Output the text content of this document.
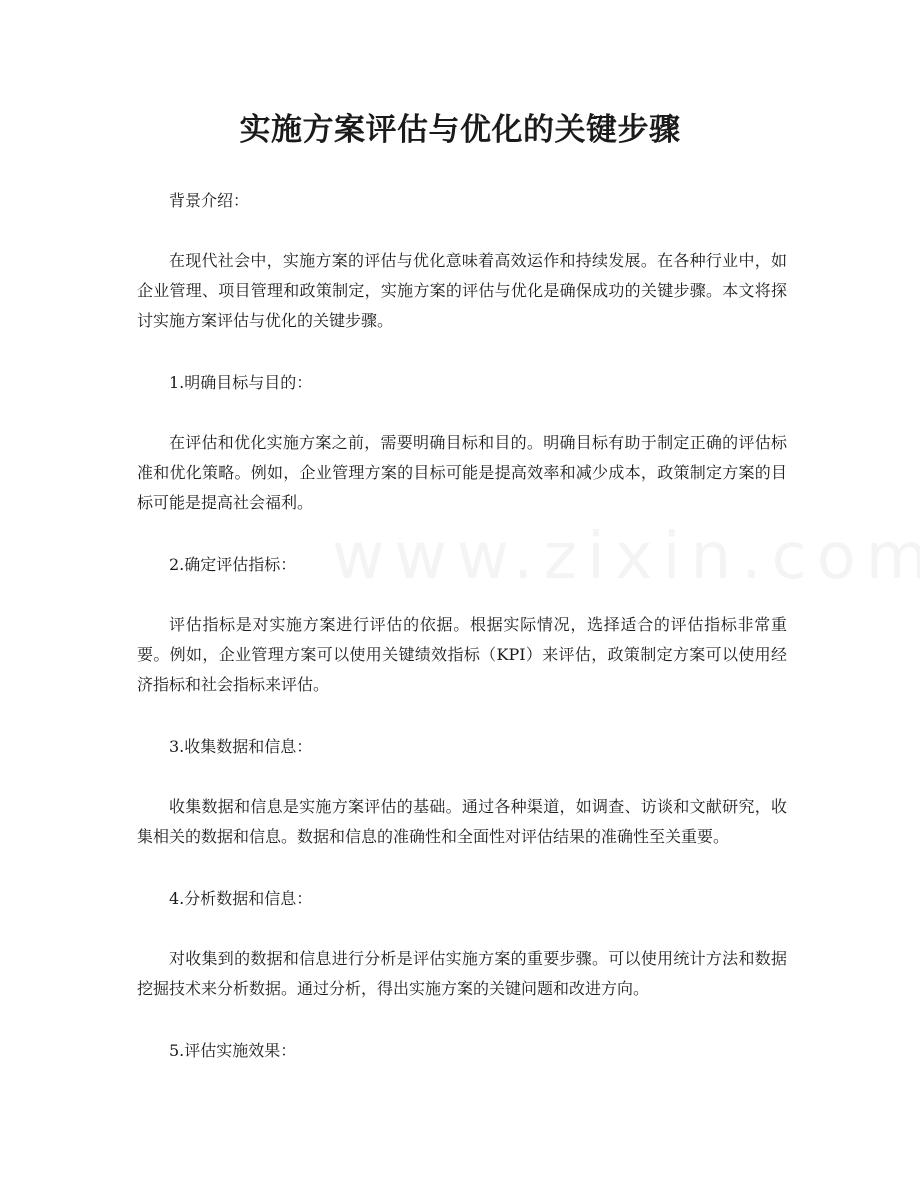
实施方案评估与优化的关键步骤

背景介绍：

在现代社会中，实施方案的评估与优化意味着高效运作和持续发展。在各种行业中，如企业管理、项目管理和政策制定，实施方案的评估与优化是确保成功的关键步骤。本文将探讨实施方案评估与优化的关键步骤。

1.明确目标与目的：

在评估和优化实施方案之前，需要明确目标和目的。明确目标有助于制定正确的评估标准和优化策略。例如，企业管理方案的目标可能是提高效率和减少成本，政策制定方案的目标可能是提高社会福利。

2.确定评估指标：

评估指标是对实施方案进行评估的依据。根据实际情况，选择适合的评估指标非常重要。例如，企业管理方案可以使用关键绩效指标（KPI）来评估，政策制定方案可以使用经济指标和社会指标来评估。

3.收集数据和信息：

收集数据和信息是实施方案评估的基础。通过各种渠道，如调查、访谈和文献研究，收集相关的数据和信息。数据和信息的准确性和全面性对评估结果的准确性至关重要。

4.分析数据和信息：

对收集到的数据和信息进行分析是评估实施方案的重要步骤。可以使用统计方法和数据挖掘技术来分析数据。通过分析，得出实施方案的关键问题和改进方向。

5.评估实施效果：
